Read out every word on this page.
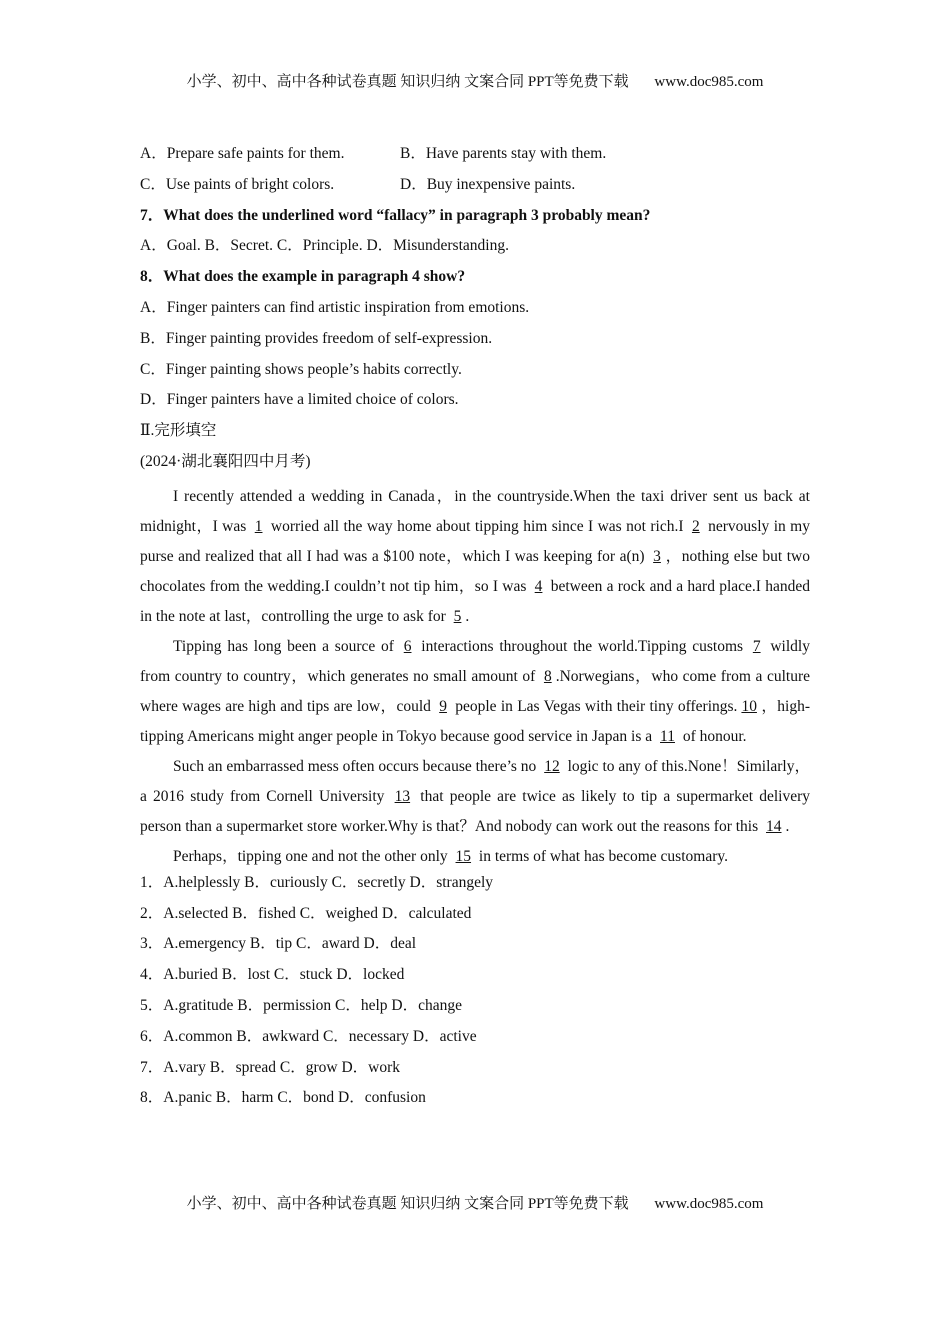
小学、初中、高中各种试卷真题 知识归纳 文案合同 PPT等免费下载 www.doc985.com
A．Prepare safe paints for them.	B．Have parents stay with them.
C．Use paints of bright colors.	D．Buy inexpensive paints.
7．What does the underlined word “fallacy” in paragraph 3 probably mean?
A．Goal. B．Secret. C．Principle. D．Misunderstanding.
8．What does the example in paragraph 4 show?
A．Finger painters can find artistic inspiration from emotions.
B．Finger painting provides freedom of self-expression.
C．Finger painting shows people’s habits correctly.
D．Finger painters have a limited choice of colors.
Ⅱ.完形填空
(2024·湖北襄阳四中月考)

I recently attended a wedding in Canada，in the countryside.When the taxi driver sent us back at midnight，I was 1 worried all the way home about tipping him since I was not rich.I 2 nervously in my purse and realized that all I had was a $100 note，which I was keeping for a(n) 3 ，nothing else but two chocolates from the wedding.I couldn’t not tip him，so I was 4 between a rock and a hard place.I handed in the note at last，controlling the urge to ask for 5 .

Tipping has long been a source of 6 interactions throughout the world.Tipping customs 7 wildly from country to country，which generates no small amount of 8 .Norwegians，who come from a culture where wages are high and tips are low，could 9 people in Las Vegas with their tiny offerings. 10 ，high-tipping Americans might anger people in Tokyo because good service in Japan is a 11 of honour.

Such an embarrassed mess often occurs because there’s no 12 logic to any of this.None！Similarly，a 2016 study from Cornell University 13 that people are twice as likely to tip a supermarket delivery person than a supermarket store worker.Why is that？And nobody can work out the reasons for this 14 .

Perhaps，tipping one and not the other only 15 in terms of what has become customary.

1．A.helplessly B．curiously C．secretly D．strangely
2．A.selected B．fished C．weighed D．calculated
3．A.emergency B．tip C．award D．deal
4．A.buried B．lost C．stuck D．locked
5．A.gratitude B．permission C．help D．change
6．A.common B．awkward C．necessary D．active
7．A.vary B．spread C．grow D．work
8．A.panic B．harm C．bond D．confusion
小学、初中、高中各种试卷真题 知识归纳 文案合同 PPT等免费下载 www.doc985.com
